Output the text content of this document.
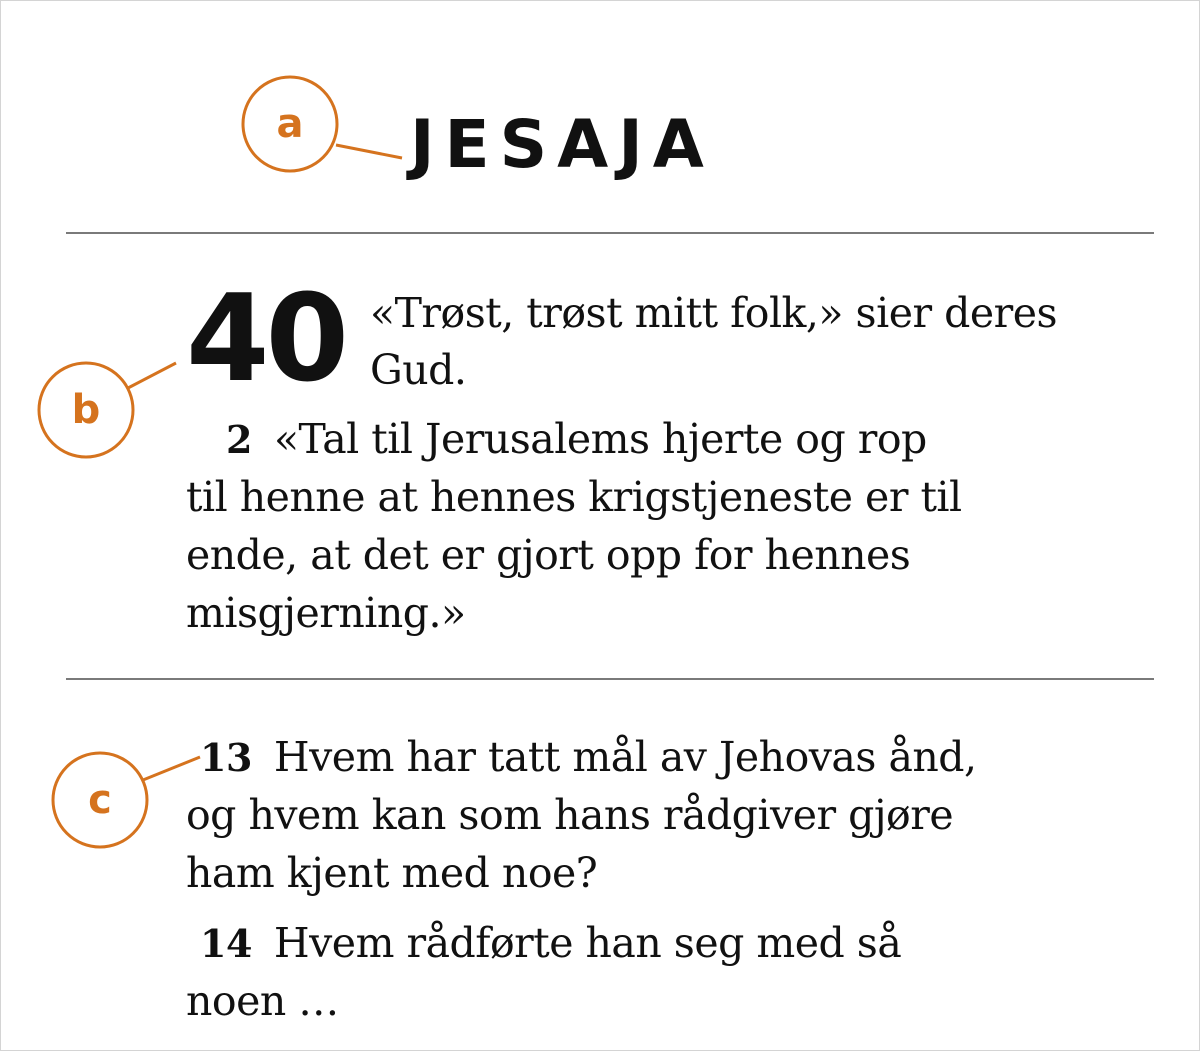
a
b
c
JESAJA
40 «Trøst, trøst mitt folk,» sier deres
Gud.
2 «Tal til Jerusalems hjerte og rop
til henne at hennes krigstjeneste er til
ende, at det er gjort opp for hennes
misgjerning.»
13 Hvem har tatt mål av Jehovas ånd,
og hvem kan som hans rådgiver gjøre
ham kjent med noe?
14 Hvem rådførte han seg med så
noen …
